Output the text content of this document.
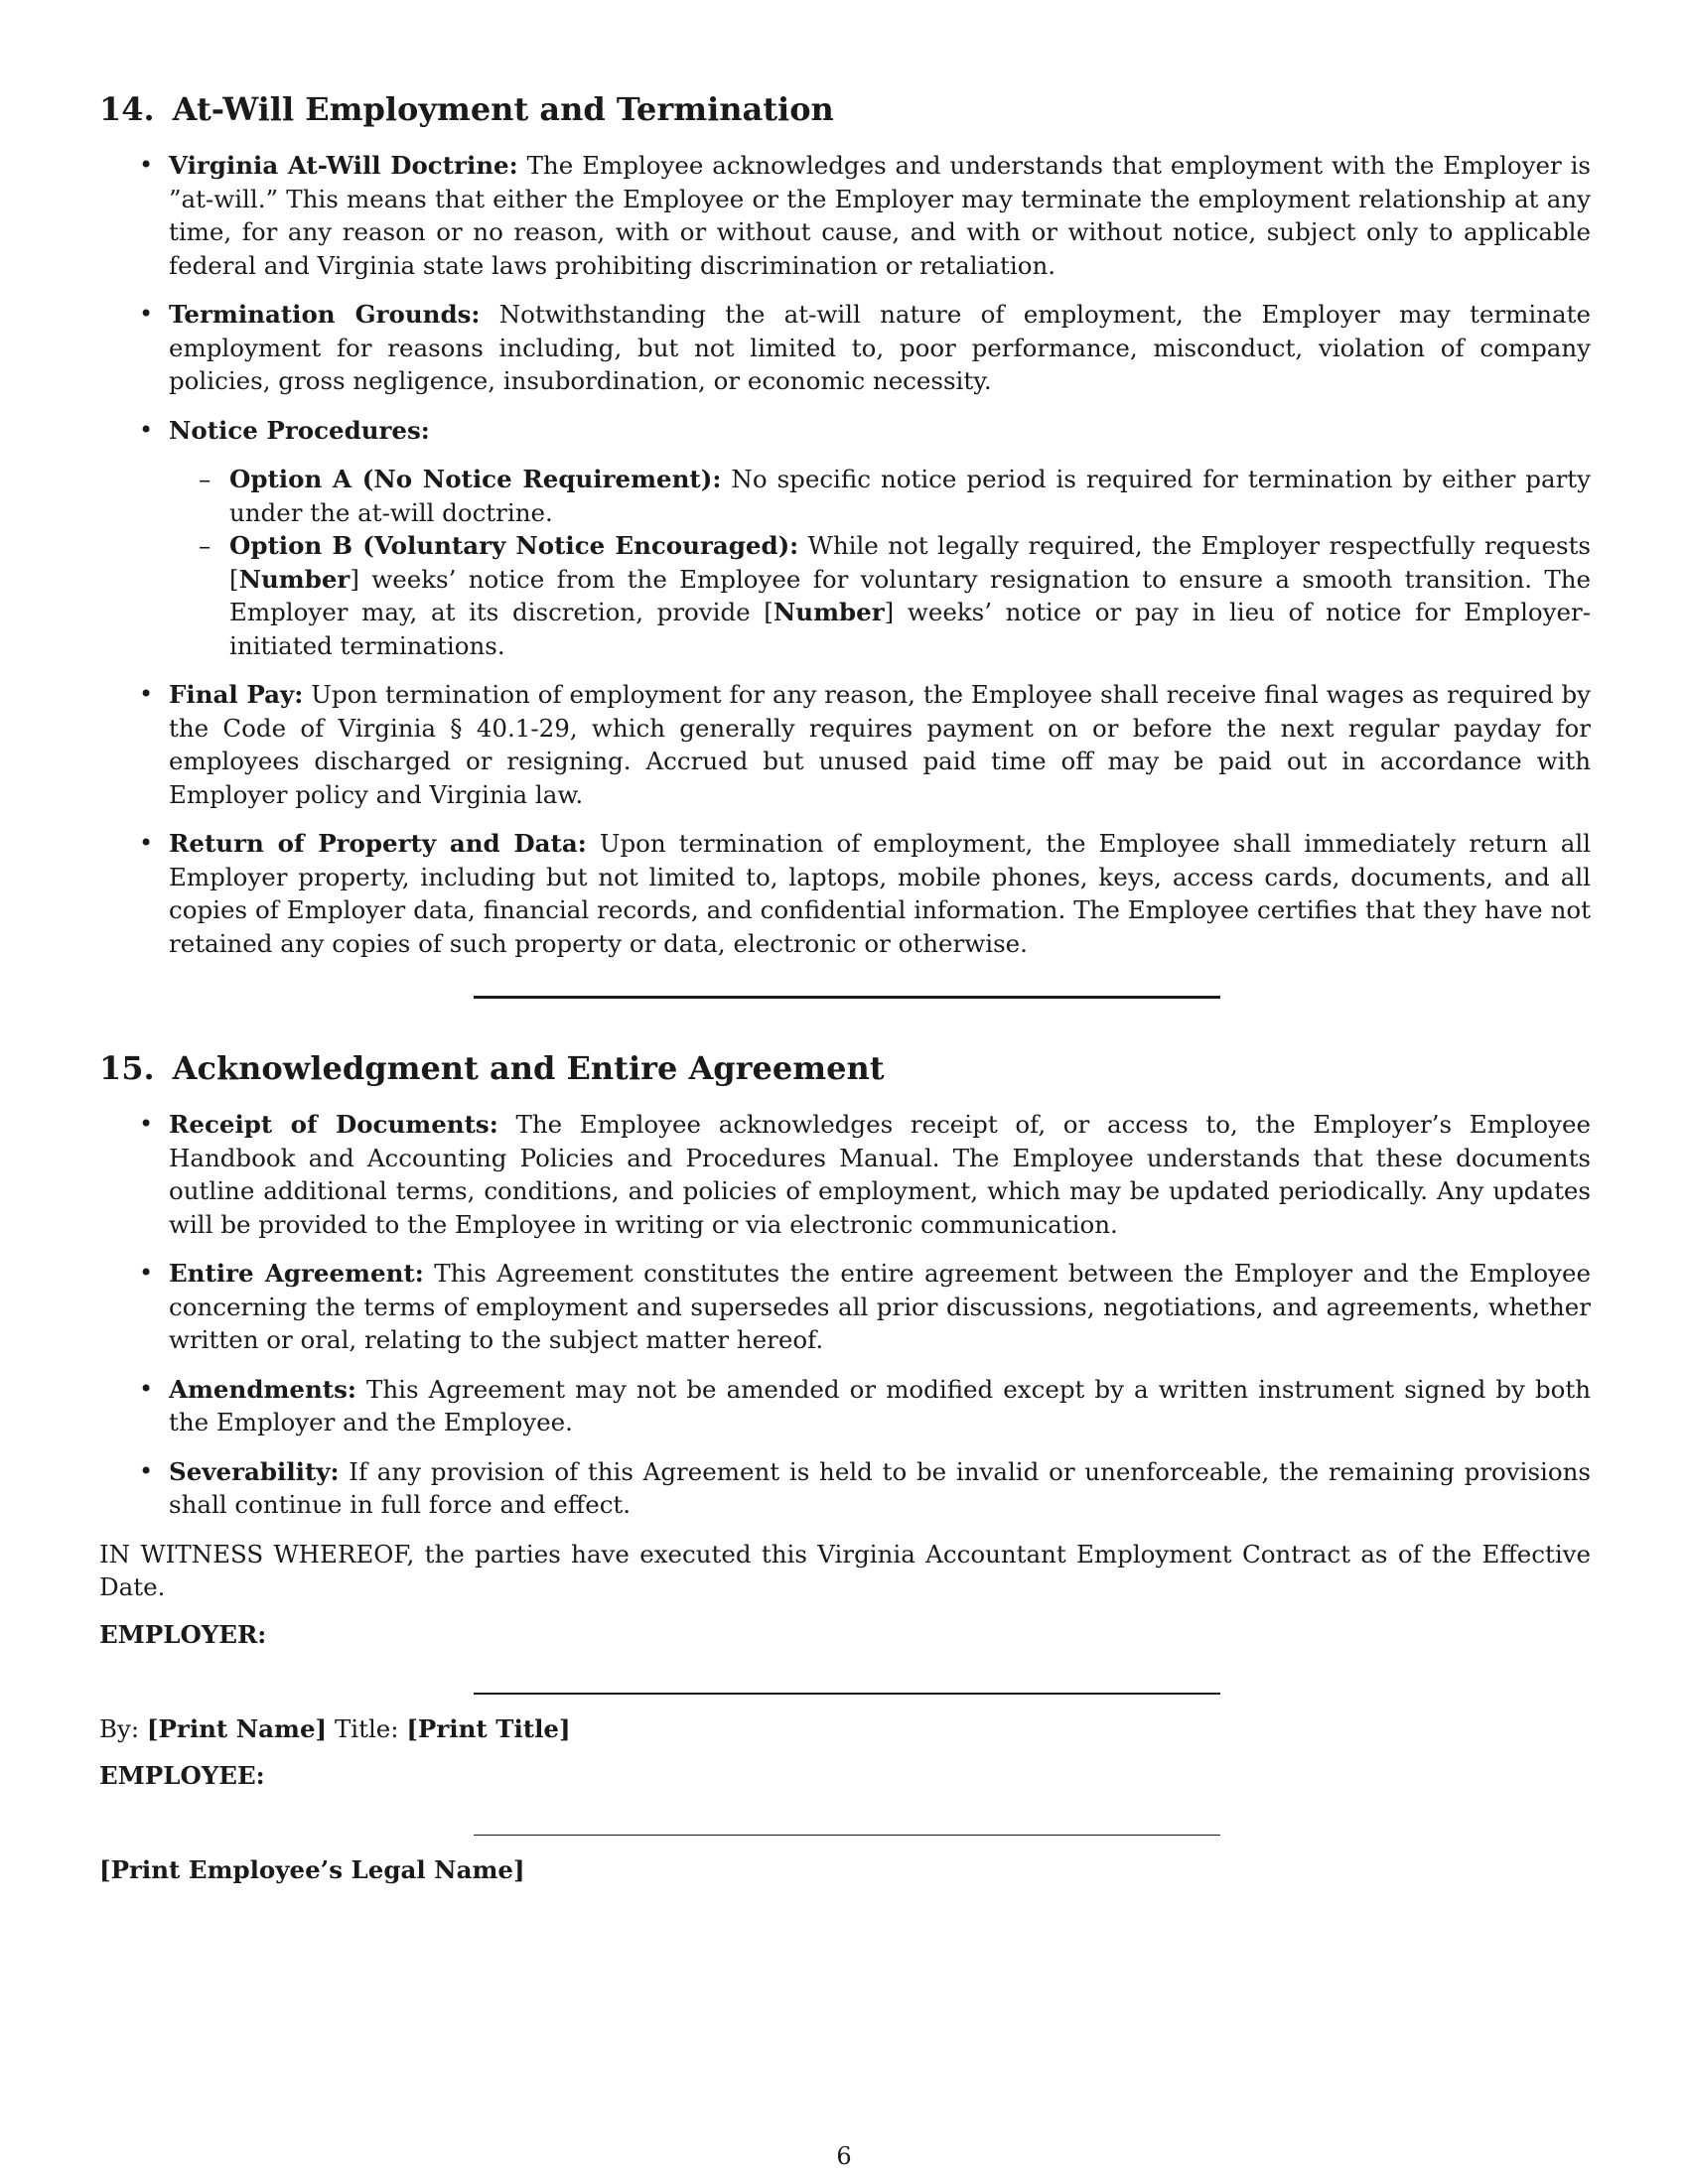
14. At-Will Employment and Termination
• Virginia At-Will Doctrine: The Employee acknowledges and understands that employment with the Employer is ”at-will.” This means that either the Employee or the Employer may terminate the employment relationship at any time, for any reason or no reason, with or without cause, and with or without notice, subject only to applicable federal and Virginia state laws prohibiting discrimination or retaliation.
• Termination Grounds: Notwithstanding the at-will nature of employment, the Employer may terminate employment for reasons including, but not limited to, poor performance, misconduct, violation of company policies, gross negligence, insubordination, or economic necessity.
• Notice Procedures:
– Option A (No Notice Requirement): No specific notice period is required for termination by either party under the at-will doctrine.
– Option B (Voluntary Notice Encouraged): While not legally required, the Employer respectfully requests [Number] weeks’ notice from the Employee for voluntary resignation to ensure a smooth transition. The Employer may, at its discretion, provide [Number] weeks’ notice or pay in lieu of notice for Employer-initiated terminations.
• Final Pay: Upon termination of employment for any reason, the Employee shall receive final wages as required by the Code of Virginia § 40.1-29, which generally requires payment on or before the next regular payday for employees discharged or resigning. Accrued but unused paid time off may be paid out in accordance with Employer policy and Virginia law.
• Return of Property and Data: Upon termination of employment, the Employee shall immediately return all Employer property, including but not limited to, laptops, mobile phones, keys, access cards, documents, and all copies of Employer data, financial records, and confidential information. The Employee certifies that they have not retained any copies of such property or data, electronic or otherwise.
15. Acknowledgment and Entire Agreement
• Receipt of Documents: The Employee acknowledges receipt of, or access to, the Employer’s Employee Handbook and Accounting Policies and Procedures Manual. The Employee understands that these documents outline additional terms, conditions, and policies of employment, which may be updated periodically. Any updates will be provided to the Employee in writing or via electronic communication.
• Entire Agreement: This Agreement constitutes the entire agreement between the Employer and the Employee concerning the terms of employment and supersedes all prior discussions, negotiations, and agreements, whether written or oral, relating to the subject matter hereof.
• Amendments: This Agreement may not be amended or modified except by a written instrument signed by both the Employer and the Employee.
• Severability: If any provision of this Agreement is held to be invalid or unenforceable, the remaining provisions shall continue in full force and effect.
IN WITNESS WHEREOF, the parties have executed this Virginia Accountant Employment Contract as of the Effective Date.
EMPLOYER:
By: [Print Name] Title: [Print Title]
EMPLOYEE:
[Print Employee’s Legal Name]
6
